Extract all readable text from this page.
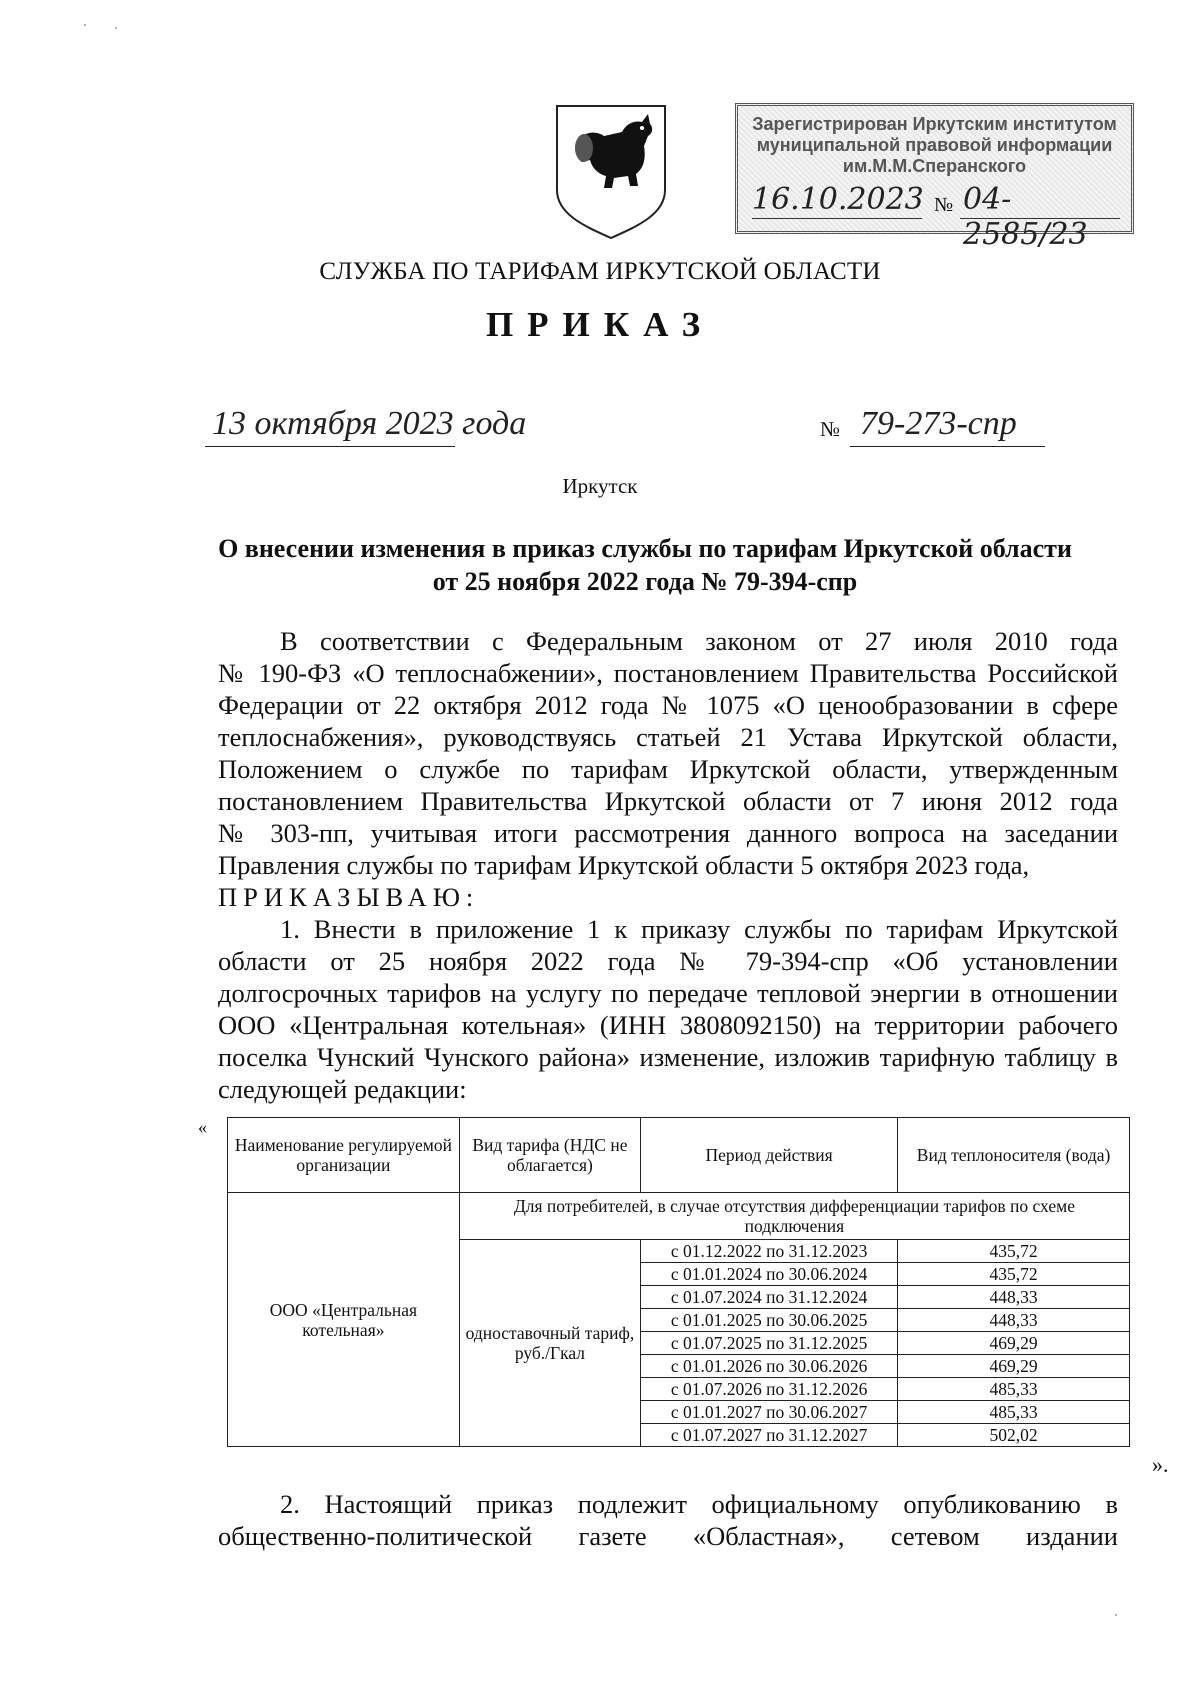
Зарегистрирован Иркутским институтом
муниципальной правовой информации
им.М.М.Сперанского
16.10.2023 № 04-2585/23
СЛУЖБА ПО ТАРИФАМ ИРКУТСКОЙ ОБЛАСТИ
ПРИКАЗ
13 октября 2023 года	№ 79-273-спр
Иркутск
О внесении изменения в приказ службы по тарифам Иркутской области
от 25 ноября 2022 года № 79-394-спр

В соответствии с Федеральным законом от 27 июля 2010 года

№ 190-ФЗ «О теплоснабжении», постановлением Правительства Российской
Федерации от 22 октября 2012 года № 1075 «О ценообразовании в сфере
теплоснабжения», руководствуясь статьей 21 Устава Иркутской области,
Положением о службе по тарифам Иркутской области, утвержденным
постановлением Правительства Иркутской области от 7 июня 2012 года
№ 303-пп, учитывая итоги рассмотрения данного вопроса на заседании
Правления службы по тарифам Иркутской области 5 октября 2023 года,
ПРИКАЗЫВАЮ:

1. Внести в приложение 1 к приказу службы по тарифам Иркутской

области от 25 ноября 2022 года № 79-394-спр «Об установлении
долгосрочных тарифов на услугу по передаче тепловой энергии в отношении
ООО «Центральная котельная» (ИНН 3808092150) на территории рабочего
поселка Чунский Чунского района» изменение, изложив тарифную таблицу в
следующей редакции:
«
Наименование регулируемой организации	Вид тарифа (НДС не облагается)	Период действия	Вид теплоносителя (вода)
ООО «Центральная котельная»	Для потребителей, в случае отсутствия дифференциации тарифов по схеме подключения		
	одноставочный тариф, руб./Гкал	с 01.12.2022 по 31.12.2023	435,72
		с 01.01.2024 по 30.06.2024	435,72
		с 01.07.2024 по 31.12.2024	448,33
		с 01.01.2025 по 30.06.2025	448,33
		с 01.07.2025 по 31.12.2025	469,29
		с 01.01.2026 по 30.06.2026	469,29
		с 01.07.2026 по 31.12.2026	485,33
		с 01.01.2027 по 30.06.2027	485,33
		с 01.07.2027 по 31.12.2027	502,02
».
2. Настоящий приказ подлежит официальному опубликованию в
общественно-политической газете «Областная», сетевом издании
